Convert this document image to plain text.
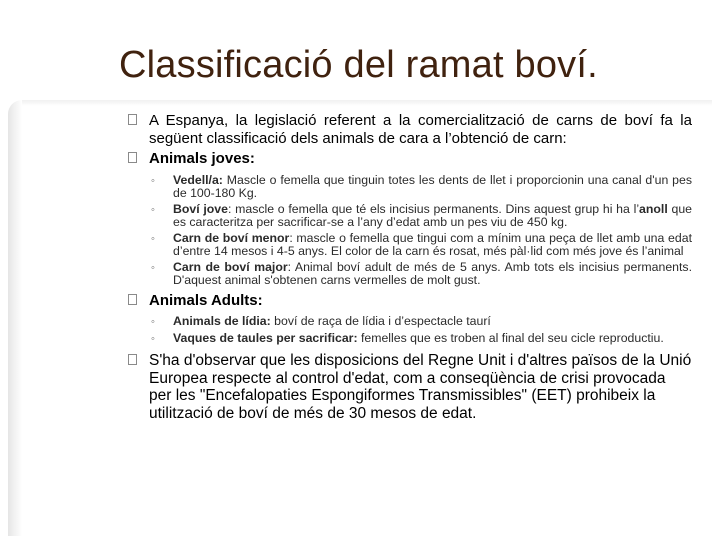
Classificació del ramat boví.
A Espanya, la legislació referent a la comercialització de carns de boví fa la següent classificació dels animals de cara a l’obtenció de carn:
Animals joves:
◦ Vedell/a: Mascle o femella que tinguin totes les dents de llet i proporcionin una canal d'un pes de 100-180 Kg.
◦ Boví jove: mascle o femella que té els incisius permanents. Dins aquest grup hi ha l’anoll que es caracteritza per sacrificar-se a l’any d’edat amb un pes viu de 450 kg.
◦ Carn de boví menor: mascle o femella que tingui com a mínim una peça de llet amb una edat d’entre 14 mesos i 4-5 anys. El color de la carn és rosat, més pàl·lid com més jove és l’animal
◦ Carn de boví major: Animal boví adult de més de 5 anys. Amb tots els incisius permanents. D'aquest animal s'obtenen carns vermelles de molt gust.
Animals Adults:
◦ Animals de lídia: boví de raça de lídia i d’espectacle taurí
◦ Vaques de taules per sacrificar: femelles que es troben al final del seu cicle reproductiu.
S'ha d'observar que les disposicions del Regne Unit i d'altres països de la Unió Europea respecte al control d'edat, com a conseqüència de crisi provocada per les "Encefalopaties Espongiformes Transmissibles" (EET) prohibeix la utilització de boví de més de 30 mesos de edat.
